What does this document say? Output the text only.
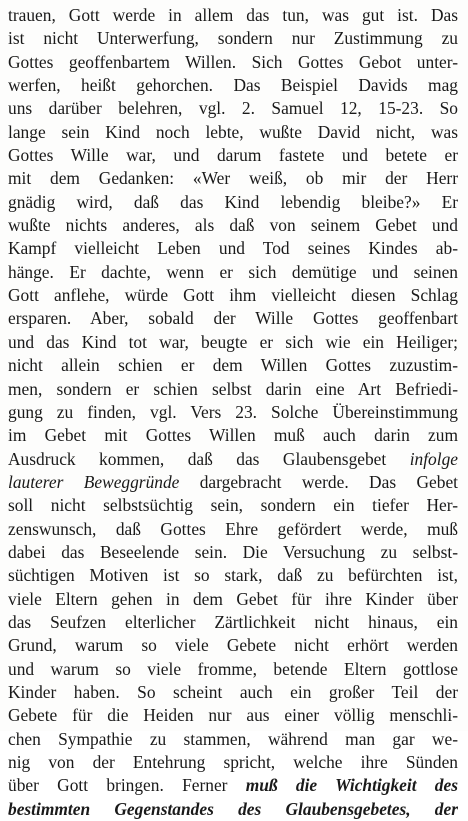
trauen, Gott werde in allem das tun, was gut ist. Das
ist nicht Unterwerfung, sondern nur Zustimmung zu
Gottes geoffenbartem Willen. Sich Gottes Gebot unter-
werfen, heißt gehorchen. Das Beispiel Davids mag
uns darüber belehren, vgl. 2. Samuel 12, 15-23. So
lange sein Kind noch lebte, wußte David nicht, was
Gottes Wille war, und darum fastete und betete er
mit dem Gedanken: «Wer weiß, ob mir der Herr
gnädig wird, daß das Kind lebendig bleibe?» Er
wußte nichts anderes, als daß von seinem Gebet und
Kampf vielleicht Leben und Tod seines Kindes ab-
hänge. Er dachte, wenn er sich demütige und seinen
Gott anflehe, würde Gott ihm vielleicht diesen Schlag
ersparen. Aber, sobald der Wille Gottes geoffenbart
und das Kind tot war, beugte er sich wie ein Heiliger;
nicht allein schien er dem Willen Gottes zuzustim-
men, sondern er schien selbst darin eine Art Befriedi-
gung zu finden, vgl. Vers 23. Solche Übereinstimmung
im Gebet mit Gottes Willen muß auch darin zum
Ausdruck kommen, daß das Glaubensgebet infolge
lauterer Beweggründe dargebracht werde. Das Gebet
soll nicht selbstsüchtig sein, sondern ein tiefer Her-
zenswunsch, daß Gottes Ehre gefördert werde, muß
dabei das Beseelende sein. Die Versuchung zu selbst-
süchtigen Motiven ist so stark, daß zu befürchten ist,
viele Eltern gehen in dem Gebet für ihre Kinder über
das Seufzen elterlicher Zärtlichkeit nicht hinaus, ein
Grund, warum so viele Gebete nicht erhört werden
und warum so viele fromme, betende Eltern gottlose
Kinder haben. So scheint auch ein großer Teil der
Gebete für die Heiden nur aus einer völlig menschli-
chen Sympathie zu stammen, während man gar we-
nig von der Entehrung spricht, welche ihre Sünden
über Gott bringen. Ferner muß die Wichtigkeit des
bestimmten Gegenstandes des Glaubensgebetes, der
